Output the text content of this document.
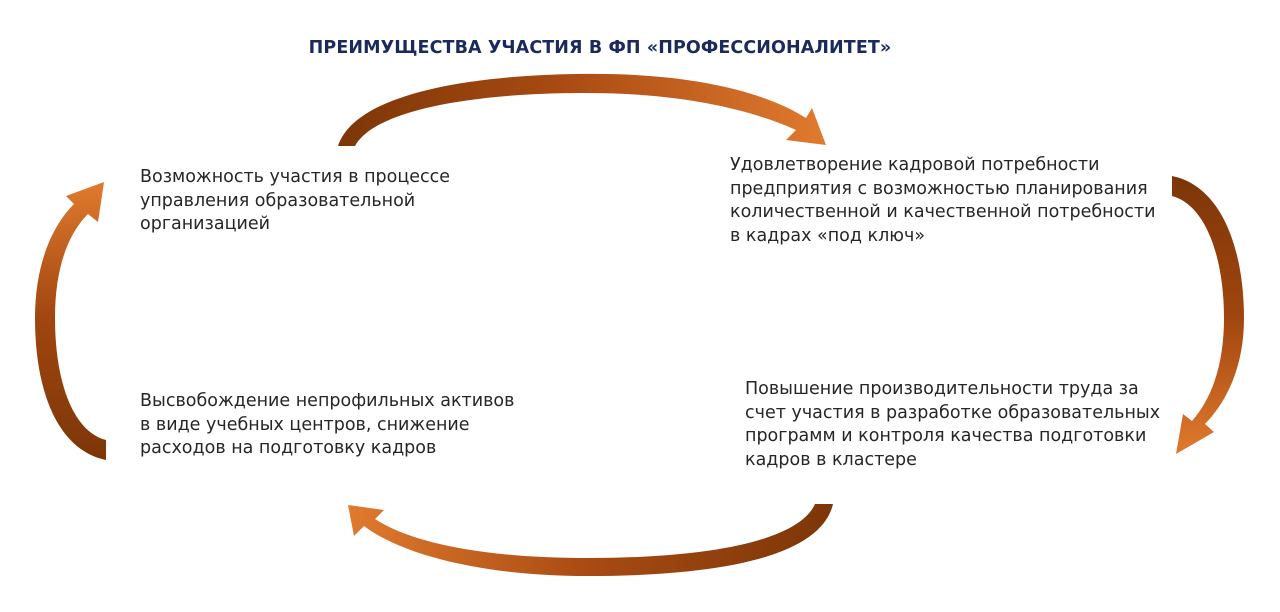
ПРЕИМУЩЕСТВА УЧАСТИЯ В ФП «ПРОФЕССИОНАЛИТЕТ»
Возможность участия в процессе управления образовательной организацией
Удовлетворение кадровой потребности предприятия с возможностью планирования количественной и качественной потребности в кадрах «под ключ»
Высвобождение непрофильных активов в виде учебных центров, снижение расходов на подготовку кадров
Повышение производительности труда за счет участия в разработке образовательных программ и контроля качества подготовки кадров в кластере
